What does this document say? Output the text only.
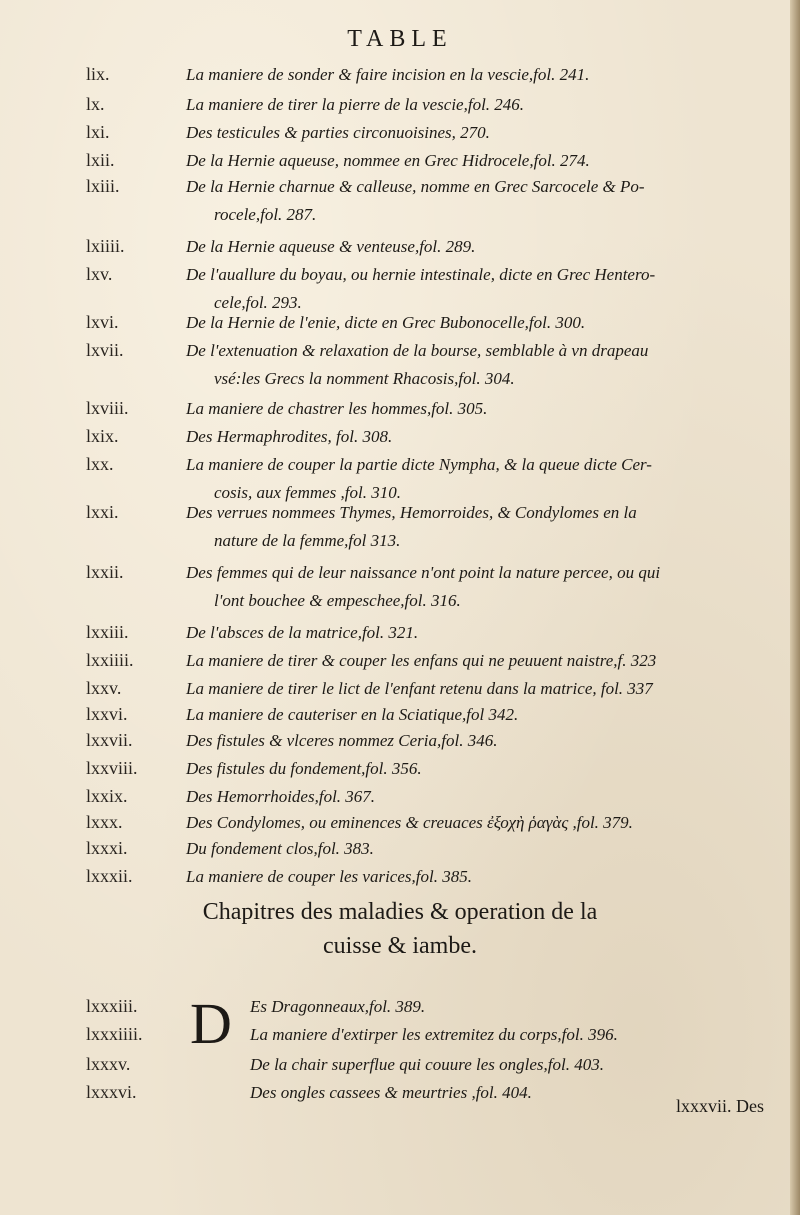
TABLE
lix.	La maniere de sonder & faire incision en la vescie,fol. 241.
lx.	La maniere de tirer la pierre de la vescie,fol. 246.
lxi.	Des testicules & parties circonuoisines, 270.
lxii.	De la Hernie aqueuse, nommee en Grec Hidrocele,fol. 274.
lxiii.	De la Hernie charnue & calleuse, nomme en Grec Sarcocele & Po-
rocele,fol. 287.
lxiiii.	De la Hernie aqueuse & venteuse,fol. 289.
lxv.	De l'auallure du boyau, ou hernie intestinale, dicte en Grec Hentero-
cele,fol. 293.
lxvi.	De la Hernie de l'enie, dicte en Grec Bubonocelle,fol. 300.
lxvii.	De l'extenuation & relaxation de la bourse, semblable à vn drapeau
vsé:les Grecs la nomment Rhacosis,fol. 304.
lxviii.	La maniere de chastrer les hommes,fol. 305.
lxix.	Des Hermaphrodites, fol. 308.
lxx.	La maniere de couper la partie dicte Nympha, & la queue dicte Cer-
cosis, aux femmes ,fol. 310.
lxxi.	Des verrues nommees Thymes, Hemorroides, & Condylomes en la
nature de la femme,fol 313.
lxxii.	Des femmes qui de leur naissance n'ont point la nature percee, ou qui
l'ont bouchee & empeschee,fol. 316.
lxxiii.	De l'absces de la matrice,fol. 321.
lxxiiii.	La maniere de tirer & couper les enfans qui ne peuuent naistre,f. 323
lxxv.	La maniere de tirer le lict de l'enfant retenu dans la matrice, fol. 337
lxxvi.	La maniere de cauteriser en la Sciatique,fol 342.
lxxvii.	Des fistules & vlceres nommez Ceria,fol. 346.
lxxviii.	Des fistules du fondement,fol. 356.
lxxix.	Des Hemorrhoides,fol. 367.
lxxx.	Des Condylomes, ou eminences & creuaces ἐξοχὴ ῥαγὰς ,fol. 379.
lxxxi.	Du fondement clos,fol. 383.
lxxxii.	La maniere de couper les varices,fol. 385.
Chapitres des maladies & operation de la
cuisse & iambe.
D
lxxxiii.	Es Dragonneaux,fol. 389.
lxxxiiii.	La maniere d'extirper les extremitez du corps,fol. 396.
lxxxv.	De la chair superflue qui couure les ongles,fol. 403.
lxxxvi.	Des ongles cassees & meurtries ,fol. 404.
lxxxvii. Des
